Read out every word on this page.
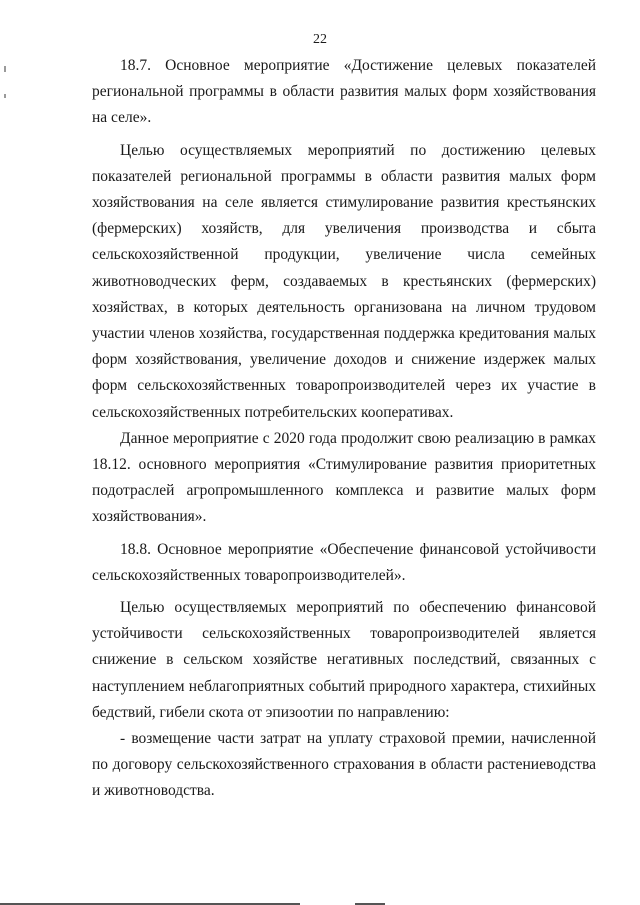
22

18.7. Основное мероприятие «Достижение целевых показателей региональной программы в области развития малых форм хозяйствования на селе».

Целью осуществляемых мероприятий по достижению целевых показателей региональной программы в области развития малых форм хозяйствования на селе является стимулирование развития крестьянских (фермерских) хозяйств, для увеличения производства и сбыта сельскохозяйственной продукции, увеличение числа семейных животноводческих ферм, создаваемых в крестьянских (фермерских) хозяйствах, в которых деятельность организована на личном трудовом участии членов хозяйства, государственная поддержка кредитования малых форм хозяйствования, увеличение доходов и снижение издержек малых форм сельскохозяйственных товаропроизводителей через их участие в сельскохозяйственных потребительских кооперативах.

Данное мероприятие с 2020 года продолжит свою реализацию в рамках 18.12. основного мероприятия «Стимулирование развития приоритетных подотраслей агропромышленного комплекса и развитие малых форм хозяйствования».

18.8. Основное мероприятие «Обеспечение финансовой устойчивости сельскохозяйственных товаропроизводителей».

Целью осуществляемых мероприятий по обеспечению финансовой устойчивости сельскохозяйственных товаропроизводителей является снижение в сельском хозяйстве негативных последствий, связанных с наступлением неблагоприятных событий природного характера, стихийных бедствий, гибели скота от эпизоотии по направлению:

- возмещение части затрат на уплату страховой премии, начисленной по договору сельскохозяйственного страхования в области растениеводства и животноводства.
